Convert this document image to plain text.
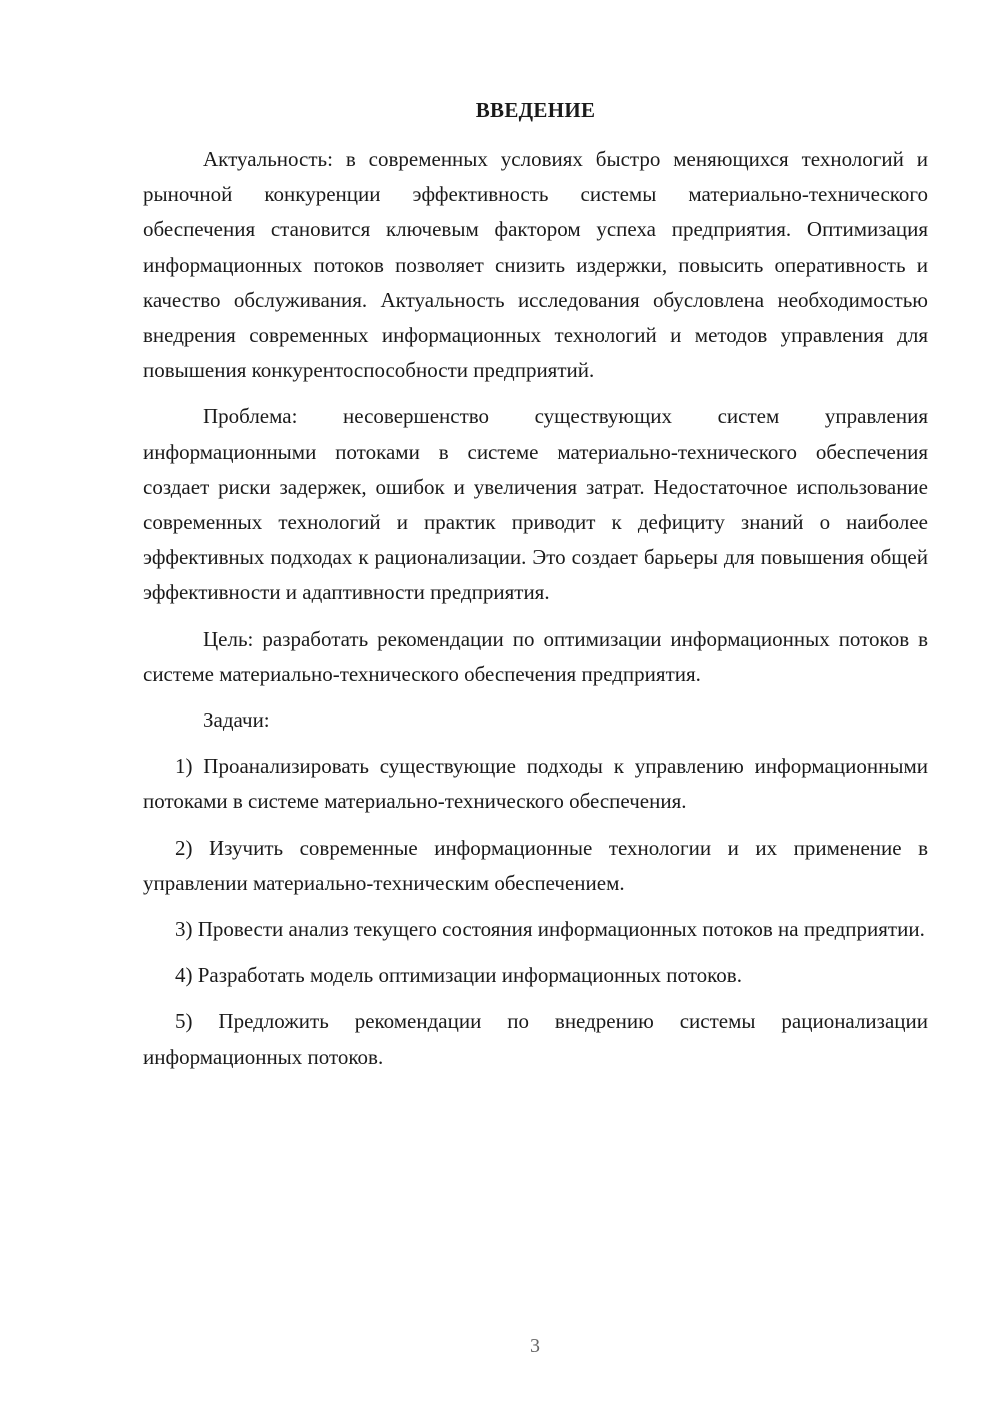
ВВЕДЕНИЕ

Актуальность: в современных условиях быстро меняющихся технологий и рыночной конкуренции эффективность системы материально-технического обеспечения становится ключевым фактором успеха предприятия. Оптимизация информационных потоков позволяет снизить издержки, повысить оперативность и качество обслуживания. Актуальность исследования обусловлена необходимостью внедрения современных информационных технологий и методов управления для повышения конкурентоспособности предприятий.

Проблема: несовершенство существующих систем управления информационными потоками в системе материально-технического обеспечения создает риски задержек, ошибок и увеличения затрат. Недостаточное использование современных технологий и практик приводит к дефициту знаний о наиболее эффективных подходах к рационализации. Это создает барьеры для повышения общей эффективности и адаптивности предприятия.

Цель: разработать рекомендации по оптимизации информационных потоков в системе материально-технического обеспечения предприятия.

Задачи:

1) Проанализировать существующие подходы к управлению информационными потоками в системе материально-технического обеспечения.

2) Изучить современные информационные технологии и их применение в управлении материально-техническим обеспечением.

3) Провести анализ текущего состояния информационных потоков на предприятии.

4) Разработать модель оптимизации информационных потоков.

5) Предложить рекомендации по внедрению системы рационализации информационных потоков.

3
